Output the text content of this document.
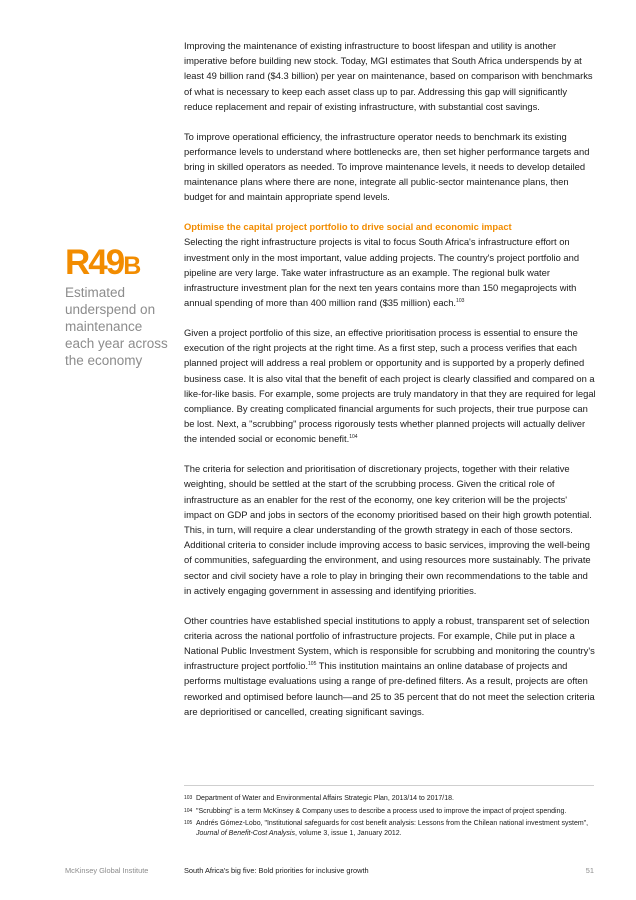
Improving the maintenance of existing infrastructure to boost lifespan and utility is another imperative before building new stock. Today, MGI estimates that South Africa underspends by at least 49 billion rand ($4.3 billion) per year on maintenance, based on comparison with benchmarks of what is necessary to keep each asset class up to par. Addressing this gap will significantly reduce replacement and repair of existing infrastructure, with substantial cost savings.

To improve operational efficiency, the infrastructure operator needs to benchmark its existing performance levels to understand where bottlenecks are, then set higher performance targets and bring in skilled operators as needed. To improve maintenance levels, it needs to develop detailed maintenance plans where there are none, integrate all public-sector maintenance plans, then budget for and maintain appropriate spend levels.

Optimise the capital project portfolio to drive social and economic impact

Selecting the right infrastructure projects is vital to focus South Africa's infrastructure effort on investment only in the most important, value adding projects. The country's project portfolio and pipeline are very large. Take water infrastructure as an example. The regional bulk water infrastructure investment plan for the next ten years contains more than 150 megaprojects with annual spending of more than 400 million rand ($35 million) each.$^{103}$

Given a project portfolio of this size, an effective prioritisation process is essential to ensure the execution of the right projects at the right time. As a first step, such a process verifies that each planned project will address a real problem or opportunity and is supported by a properly defined business case. It is also vital that the benefit of each project is clearly classified and compared on a like-for-like basis. For example, some projects are truly mandatory in that they are required for legal compliance. By creating complicated financial arguments for such projects, their true purpose can be lost. Next, a "scrubbing" process rigorously tests whether planned projects will actually deliver the intended social or economic benefit.$^{104}$

The criteria for selection and prioritisation of discretionary projects, together with their relative weighting, should be settled at the start of the scrubbing process. Given the critical role of infrastructure as an enabler for the rest of the economy, one key criterion will be the projects' impact on GDP and jobs in sectors of the economy prioritised based on their high growth potential. This, in turn, will require a clear understanding of the growth strategy in each of those sectors. Additional criteria to consider include improving access to basic services, improving the well-being of communities, safeguarding the environment, and using resources more sustainably. The private sector and civil society have a role to play in bringing their own recommendations to the table and in actively engaging government in assessing and identifying priorities.

Other countries have established special institutions to apply a robust, transparent set of selection criteria across the national portfolio of infrastructure projects. For example, Chile put in place a National Public Investment System, which is responsible for scrubbing and monitoring the country's infrastructure project portfolio.$^{105}$ This institution maintains an online database of projects and performs multistage evaluations using a range of pre-defined filters. As a result, projects are often reworked and optimised before launch—and 25 to 35 percent that do not meet the selection criteria are deprioritised or cancelled, creating significant savings.

R49B
Estimated underspend on maintenance each year across the economy
103 Department of Water and Environmental Affairs Strategic Plan, 2013/14 to 2017/18.
104 "Scrubbing" is a term McKinsey & Company uses to describe a process used to improve the impact of project spending.
105 Andrés Gómez-Lobo, "Institutional safeguards for cost benefit analysis: Lessons from the Chilean national investment system", Journal of Benefit-Cost Analysis, volume 3, issue 1, January 2012.
McKinsey Global Institute	South Africa's big five: Bold priorities for inclusive growth	51
